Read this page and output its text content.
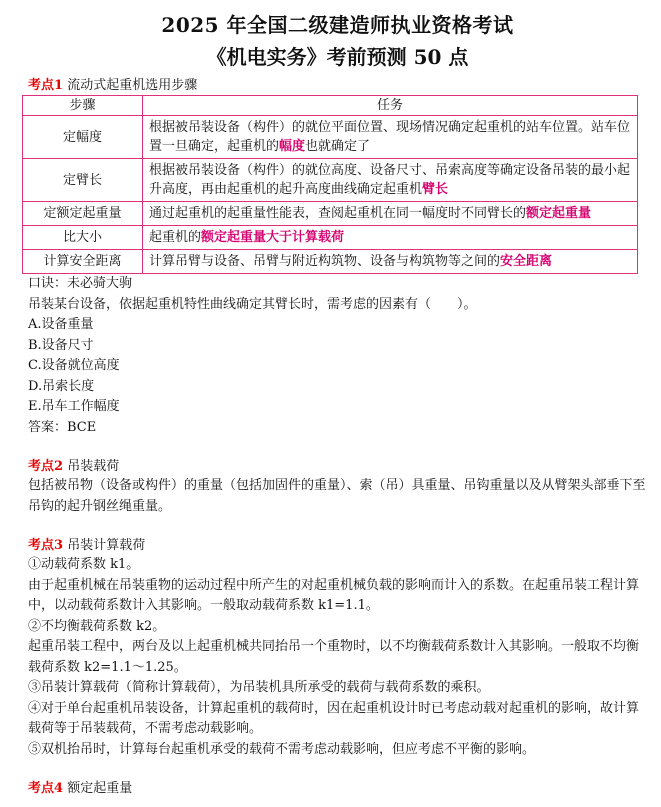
2025 年全国二级建造师执业资格考试
《机电实务》考前预测 50 点
考点1 流动式起重机选用步骤
步骤	任务
定幅度	根据被吊装设备（构件）的就位平面位置、现场情况确定起重机的站车位置。站车位置一旦确定，起重机的幅度也就确定了
定臂长	根据被吊装设备（构件）的就位高度、设备尺寸、吊索高度等确定设备吊装的最小起升高度，再由起重机的起升高度曲线确定起重机臂长
定额定起重量	通过起重机的起重量性能表，查阅起重机在同一幅度时不同臂长的额定起重量
比大小	起重机的额定起重量大于计算载荷
计算安全距离	计算吊臂与设备、吊臂与附近构筑物、设备与构筑物等之间的安全距离
口诀：未必骑大驹
吊装某台设备，依据起重机特性曲线确定其臂长时，需考虑的因素有（　　）。
A.设备重量
B.设备尺寸
C.设备就位高度
D.吊索长度
E.吊车工作幅度
答案：BCE
考点2 吊装载荷
包括被吊物（设备或构件）的重量（包括加固件的重量）、索（吊）具重量、吊钩重量以及从臂架头部垂下至吊钩的起升钢丝绳重量。
考点3 吊装计算载荷
①动载荷系数 k1。
由于起重机械在吊装重物的运动过程中所产生的对起重机械负载的影响而计入的系数。在起重吊装工程计算中，以动载荷系数计入其影响。一般取动载荷系数 k1=1.1。
②不均衡载荷系数 k2。
起重吊装工程中，两台及以上起重机械共同抬吊一个重物时，以不均衡载荷系数计入其影响。一般取不均衡载荷系数 k2=1.1～1.25。
③吊装计算载荷（简称计算载荷），为吊装机具所承受的载荷与载荷系数的乘积。
④对于单台起重机吊装设备，计算起重机的载荷时，因在起重机设计时已考虑动载对起重机的影响，故计算载荷等于吊装载荷，不需考虑动载影响。
⑤双机抬吊时，计算每台起重机承受的载荷不需考虑动载影响，但应考虑不平衡的影响。
考点4 额定起重量
